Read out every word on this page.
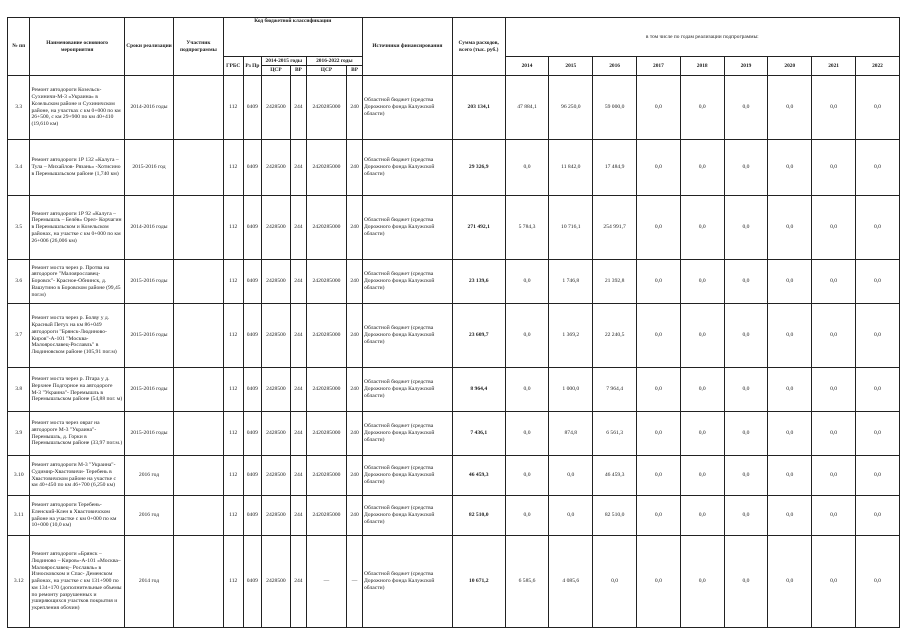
№ пп	Наименование основного мероприятия	Сроки реализации	Участник подпрограммы	Код бюджетной классификации						Источники финансирования	Сумма расходов, всего (тыс. руб.)	в том числе по годам реализации подпрограммы:								
				ГРБС	Рз Пр	2014-2015 годы		2016-2022 годы				2014	2015	2016	2017	2018	2019	2020	2021	2022
						ЦСР	ВР	ЦСР	ВР											
3.3	Ремонт автодороги Козельск- Сухиничи-М-3 «Украина» в Козельском районе и Сухиничском районе, на участках с км 0+000 по км 26+500, с км 29+900 по км 40+410 (19,610 км)	2014-2016 годы		112	0409	2428500	244	2420285000	240	Областной бюджет (средства Дорожного фонда Калужской области)	203 134,1	47 884,1	96 250,0	59 000,0	0,0	0,0	0,0	0,0	0,0	0,0
3.4	Ремонт автодороги 1Р 132 «Калуга – Тула – Михайлов- Рязань» -Хотисино в Перемышльском районе (1,740 км)	2015-2016 год		112	0409	2428500	244	2420285000	240	Областной бюджет (средства Дорожного фонда Калужской области)	29 326,9	0,0	11 842,0	17 484,9	0,0	0,0	0,0	0,0	0,0	0,0
3.5	Ремонт автодороги 1Р 92 «Калуга – Перемышль – Белёв» Орел- Корчагин в Перемышльском и Козельском районах, на участке с км 0+000 по км 26+006 (26,006 км)	2014-2016 годы		112	0409	2428500	244	2420285000	240	Областной бюджет (средства Дорожного фонда Калужской области)	271 492,1	5 784,3	10 716,1	254 991,7	0,0	0,0	0,0	0,0	0,0	0,0
3.6	Ремонт моста через р. Протва на автодороге "Малоярославец- Боровск"- Красное-Обнинск, д. Вашутино в Боровском районе (99,45 пог.м)	2015-2016 годы		112	0409	2428500	244	2420285000	240	Областной бюджет (средства Дорожного фонда Калужской области)	23 139,6	0,0	1 746,8	21 392,8	0,0	0,0	0,0	0,0	0,0	0,0
3.7	Ремонт моста через р. Болву у д. Красный Петух на км 86+049 автодороги "Брянск-Людиново- Киров"-А-101 "Москва- Малоярославец-Рославль" в Людиновском районе (105,91 пог.м)	2015-2016 годы		112	0409	2428500	244	2420285000	240	Областной бюджет (средства Дорожного фонда Калужской области)	23 609,7	0,0	1 369,2	22 240,5	0,0	0,0	0,0	0,0	0,0	0,0
3.8	Ремонт моста через р. Птара у д. Верхнее Подгорное на автодороге М-3 "Украина"- Перемышль в Перемышльском районе (54,88 пог. м)	2015-2016 годы		112	0409	2428500	244	2420285000	240	Областной бюджет (средства Дорожного фонда Калужской области)	8 964,4	0,0	1 000,0	7 964,4	0,0	0,0	0,0	0,0	0,0	0,0
3.9	Ремонт моста через овраг на автодороге М-3 "Украина"- Перемышль, д. Горки в Перемышльском районе (33,97 пог.м.)	2015-2016 годы		112	0409	2428500	244	2420285000	240	Областной бюджет (средства Дорожного фонда Калужской области)	7 436,1	0,0	874,8	6 561,3	0,0	0,0	0,0	0,0	0,0	0,0
3.10	Ремонт автодороги М-3 "Украина"-Судимир-Хвастовичи- Теребень в Хвастовичском районе на участке с км 40+450 по км 46+700 (6,250 км)	2016 год		112	0409	2428500	244	2420285000	240	Областной бюджет (средства Дорожного фонда Калужской области)	46 459,3	0,0	0,0	46 459,3	0,0	0,0	0,0	0,0	0,0	0,0
3.11	Ремонт автодороги Теребень- Еленский-Клен в Хвастовичском районе на участке с км 0+000 по км 10+000 (10,0 км)	2016 год		112	0409	2428500	244	2420285000	240	Областной бюджет (средства Дорожного фонда Калужской области)	82 510,0	0,0	0,0	82 510,0	0,0	0,0	0,0	0,0	0,0	0,0
3.12	Ремонт автодороги «Брянск – Людиново – Киров»-А-101 «Москва–Малоярославец– Рославль» в Износковском и Спас- Деменском районах, на участке с км 131+900 по км 134+170 (дополнительные объемы по ремонту разрушенных и уширяющихся участков покрытия и укрепления обочин)	2014 год		112	0409	2428500	244	—	—	Областной бюджет (средства Дорожного фонда Калужской области)	10 671,2	6 585,6	4 085,6	0,0	0,0	0,0	0,0	0,0	0,0	0,0
